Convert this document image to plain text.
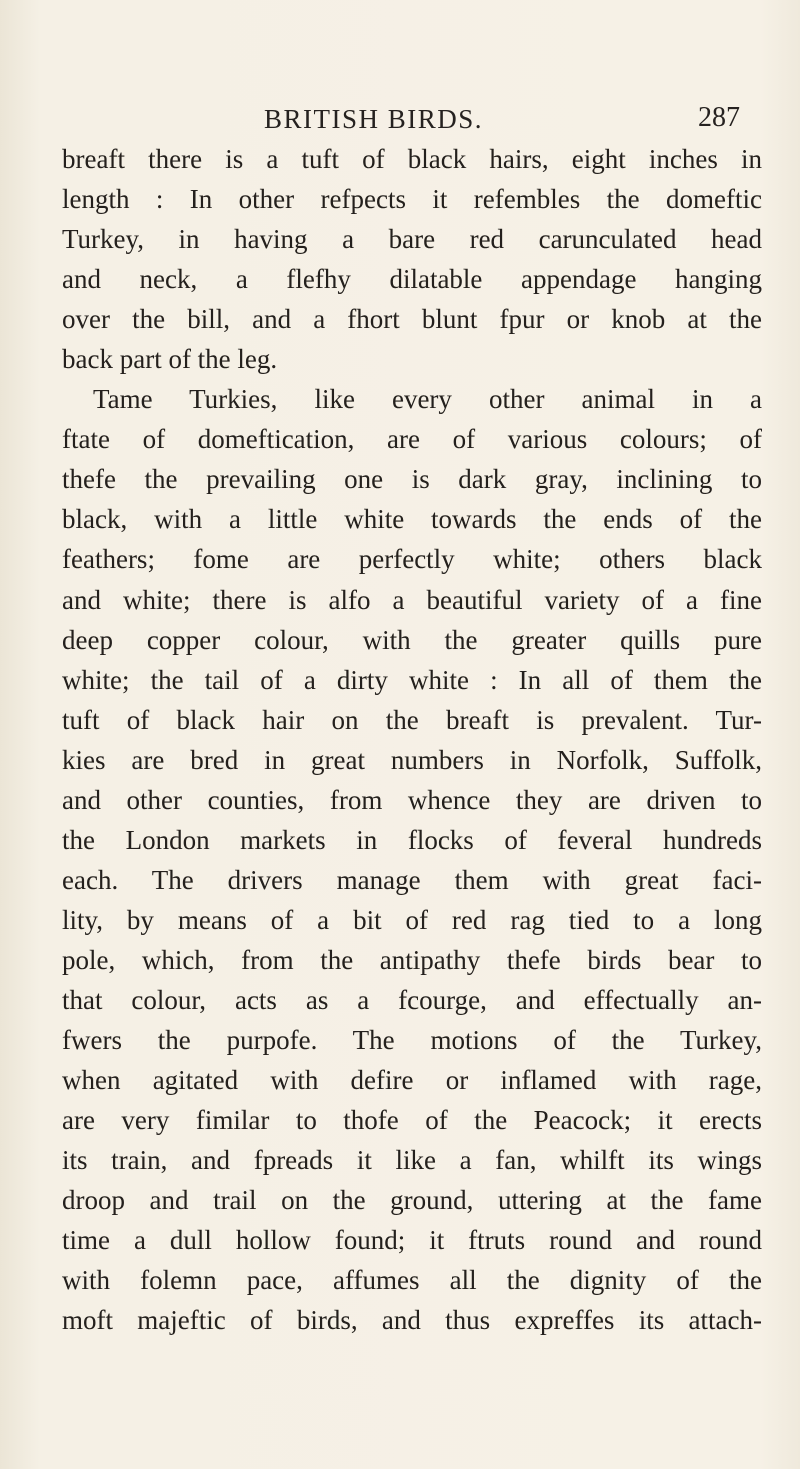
BRITISH BIRDS.	287
breaft there is a tuft of black hairs, eight inches in
length : In other refpects it refembles the domeftic
Turkey, in having a bare red carunculated head
and neck, a flefhy dilatable appendage hanging
over the bill, and a fhort blunt fpur or knob at the
back part of the leg.
Tame Turkies, like every other animal in a
ftate of domeftication, are of various colours; of
thefe the prevailing one is dark gray, inclining to
black, with a little white towards the ends of the
feathers; fome are perfectly white; others black
and white; there is alfo a beautiful variety of a fine
deep copper colour, with the greater quills pure
white; the tail of a dirty white : In all of them the
tuft of black hair on the breaft is prevalent. Tur-
kies are bred in great numbers in Norfolk, Suffolk,
and other counties, from whence they are driven to
the London markets in flocks of feveral hundreds
each. The drivers manage them with great faci-
lity, by means of a bit of red rag tied to a long
pole, which, from the antipathy thefe birds bear to
that colour, acts as a fcourge, and effectually an-
fwers the purpofe. The motions of the Turkey,
when agitated with defire or inflamed with rage,
are very fimilar to thofe of the Peacock; it erects
its train, and fpreads it like a fan, whilft its wings
droop and trail on the ground, uttering at the fame
time a dull hollow found; it ftruts round and round
with folemn pace, affumes all the dignity of the
moft majeftic of birds, and thus expreffes its attach-
